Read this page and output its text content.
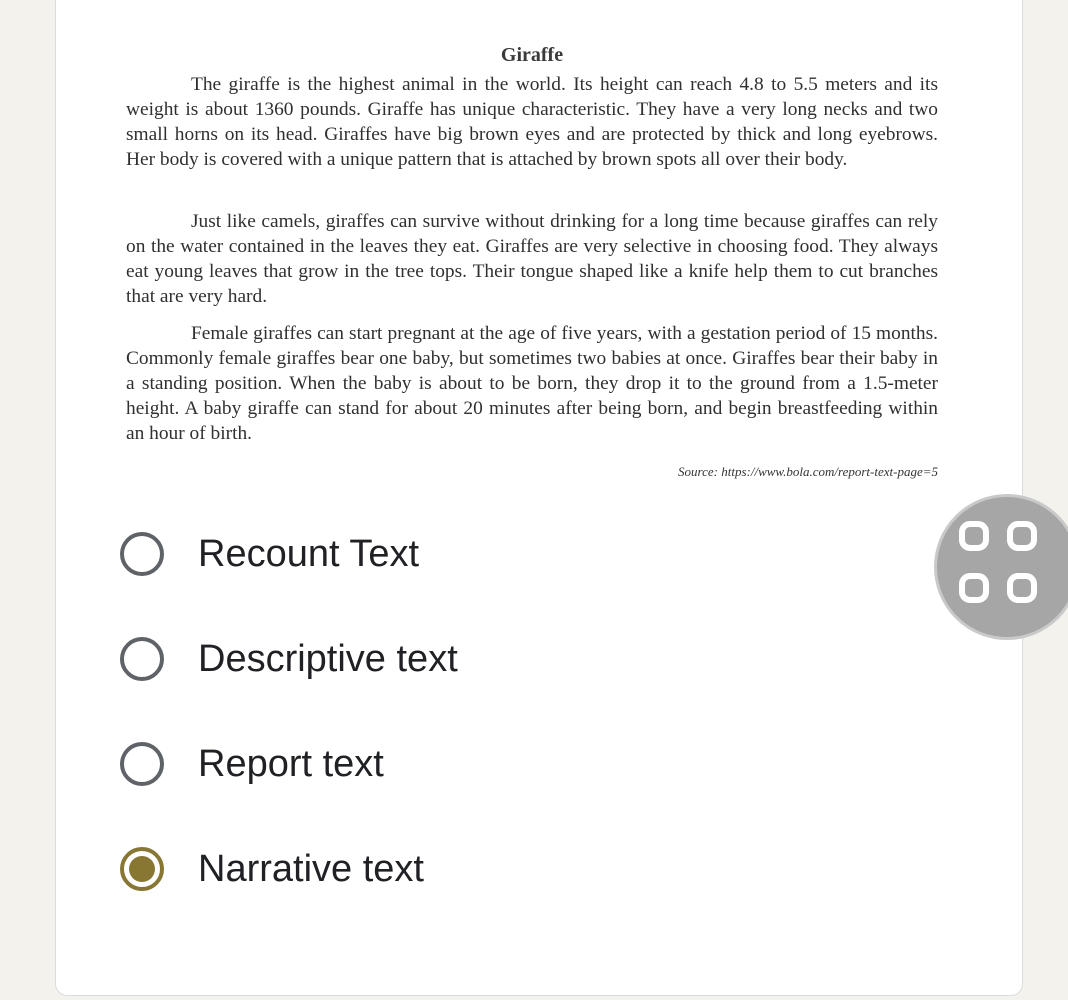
Giraffe
The giraffe is the highest animal in the world. Its height can reach 4.8 to 5.5 meters and its weight is about 1360 pounds. Giraffe has unique characteristic. They have a very long necks and two small horns on its head. Giraffes have big brown eyes and are protected by thick and long eyebrows. Her body is covered with a unique pattern that is attached by brown spots all over their body.
Just like camels, giraffes can survive without drinking for a long time because giraffes can rely on the water contained in the leaves they eat. Giraffes are very selective in choosing food. They always eat young leaves that grow in the tree tops. Their tongue shaped like a knife help them to cut branches that are very hard.
Female giraffes can start pregnant at the age of five years, with a gestation period of 15 months. Commonly female giraffes bear one baby, but sometimes two babies at once. Giraffes bear their baby in a standing position. When the baby is about to be born, they drop it to the ground from a 1.5-meter height. A baby giraffe can stand for about 20 minutes after being born, and begin breastfeeding within an hour of birth.
Source: https://www.bola.com/report-text-page=5
Recount Text
Descriptive text
Report text
Narrative text
